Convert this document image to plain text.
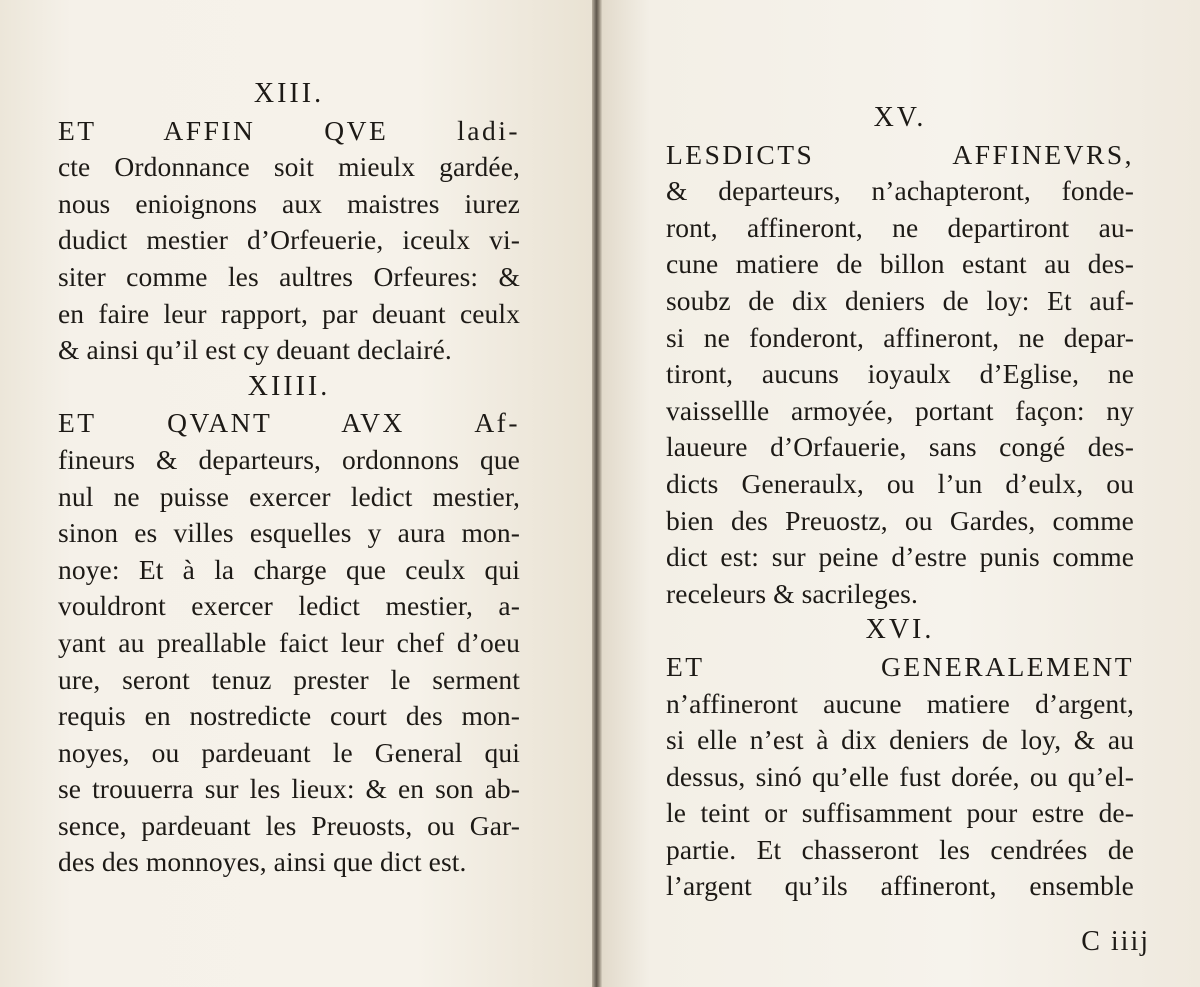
XIII.
ET AFFIN QVE ladi-
cte Ordonnance soit mieulx gardée,
nous enioignons aux maistres iurez
dudict mestier d’Orfeuerie, iceulx vi-
siter comme les aultres Orfeures: &
en faire leur rapport, par deuant ceulx
& ainsi qu’il est cy deuant declairé.
XIIII.
ET QVANT AVX Af-
fineurs & departeurs, ordonnons que
nul ne puisse exercer ledict mestier,
sinon es villes esquelles y aura mon-
noye: Et à la charge que ceulx qui
vouldront exercer ledict mestier, a-
yant au preallable faict leur chef d’oeu
ure, seront tenuz prester le serment
requis en nostredicte court des mon-
noyes, ou pardeuant le General qui
se trouuerra sur les lieux: & en son ab-
sence, pardeuant les Preuosts, ou Gar-
des des monnoyes, ainsi que dict est.
XV.
LESDICTS AFFINEVRS,
& departeurs, n’achapteront, fonde-
ront, affineront, ne departiront au-
cune matiere de billon estant au des-
soubz de dix deniers de loy: Et auf-
si ne fonderont, affineront, ne depar-
tiront, aucuns ioyaulx d’Eglise, ne
vaissellle armoyée, portant façon: ny
laueure d’Orfauerie, sans congé des-
dicts Generaulx, ou l’un d’eulx, ou
bien des Preuostz, ou Gardes, comme
dict est: sur peine d’estre punis comme
receleurs & sacrileges.
XVI.
ET GENERALEMENT
n’affineront aucune matiere d’argent,
si elle n’est à dix deniers de loy, & au
dessus, sinó qu’elle fust dorée, ou qu’el-
le teint or suffisamment pour estre de-
partie. Et chasseront les cendrées de
l’argent qu’ils affineront, ensemble
C iiij
